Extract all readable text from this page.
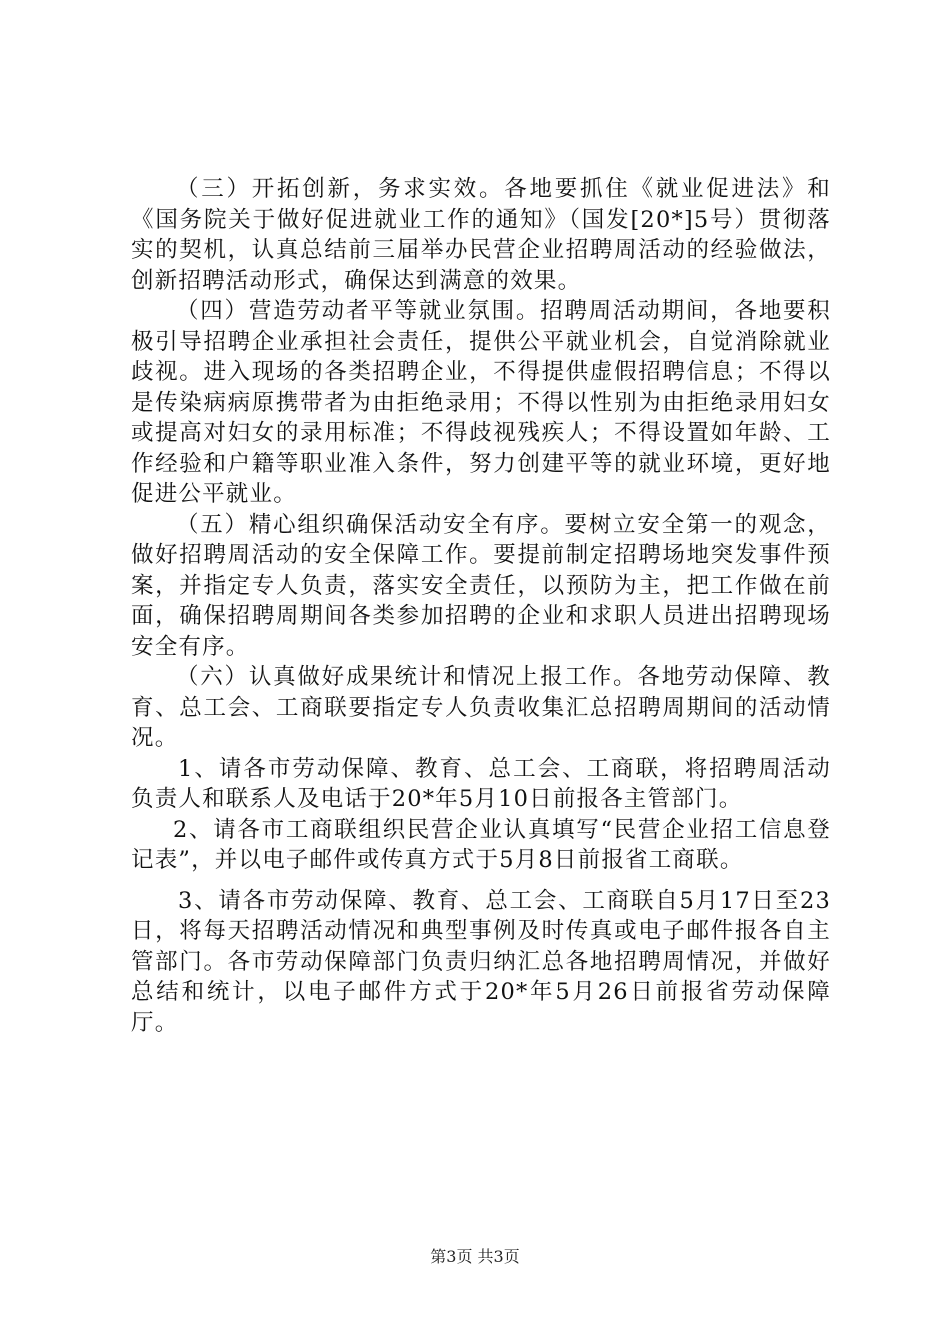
（三）开拓创新，务求实效。各地要抓住《就业促进法》和《国务院关于做好促进就业工作的通知》（国发[20*]5号）贯彻落实的契机，认真总结前三届举办民营企业招聘周活动的经验做法，创新招聘活动形式，确保达到满意的效果。

（四）营造劳动者平等就业氛围。招聘周活动期间，各地要积极引导招聘企业承担社会责任，提供公平就业机会，自觉消除就业歧视。进入现场的各类招聘企业，不得提供虚假招聘信息；不得以是传染病病原携带者为由拒绝录用；不得以性别为由拒绝录用妇女或提高对妇女的录用标准；不得歧视残疾人；不得设置如年龄、工作经验和户籍等职业准入条件，努力创建平等的就业环境，更好地促进公平就业。

（五）精心组织确保活动安全有序。要树立安全第一的观念，做好招聘周活动的安全保障工作。要提前制定招聘场地突发事件预案，并指定专人负责，落实安全责任，以预防为主，把工作做在前面，确保招聘周期间各类参加招聘的企业和求职人员进出招聘现场安全有序。

（六）认真做好成果统计和情况上报工作。各地劳动保障、教育、总工会、工商联要指定专人负责收集汇总招聘周期间的活动情况。

1、请各市劳动保障、教育、总工会、工商联，将招聘周活动负责人和联系人及电话于20*年5月10日前报各主管部门。

2、请各市工商联组织民营企业认真填写“民营企业招工信息登记表”，并以电子邮件或传真方式于5月8日前报省工商联。

3、请各市劳动保障、教育、总工会、工商联自5月17日至23日，将每天招聘活动情况和典型事例及时传真或电子邮件报各自主管部门。各市劳动保障部门负责归纳汇总各地招聘周情况，并做好总结和统计，以电子邮件方式于20*年5月26日前报省劳动保障厅。

第3页 共3页
